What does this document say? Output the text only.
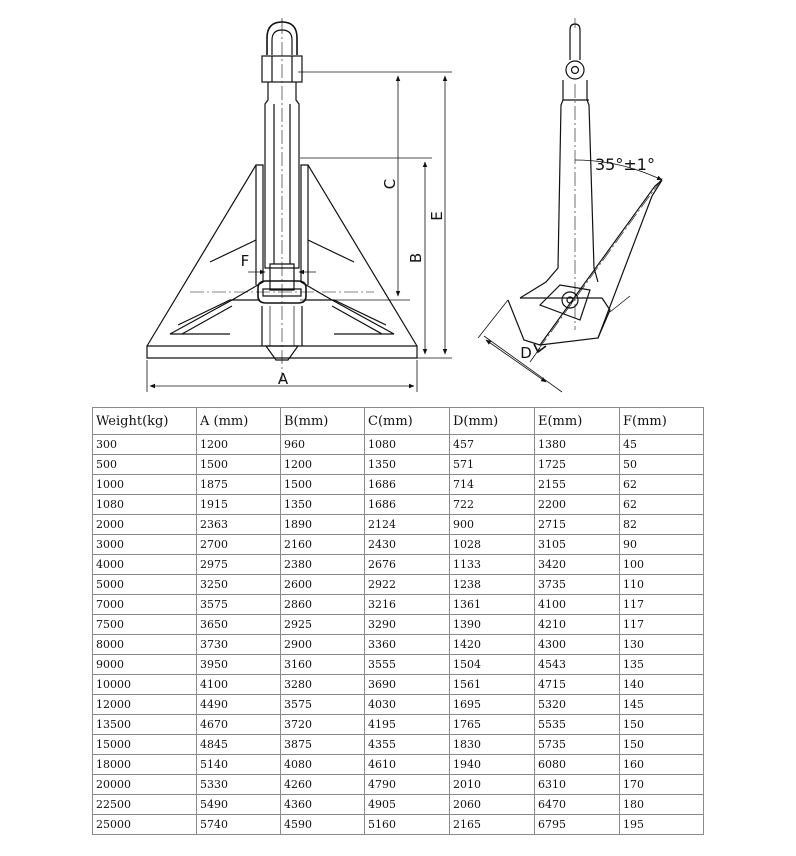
A
B
C
E
F
35°±1°
D
Weight(kg)	A (mm)	B(mm)	C(mm)	D(mm)	E(mm)	F(mm)
300	1200	960	1080	457	1380	45
500	1500	1200	1350	571	1725	50
1000	1875	1500	1686	714	2155	62
1080	1915	1350	1686	722	2200	62
2000	2363	1890	2124	900	2715	82
3000	2700	2160	2430	1028	3105	90
4000	2975	2380	2676	1133	3420	100
5000	3250	2600	2922	1238	3735	110
7000	3575	2860	3216	1361	4100	117
7500	3650	2925	3290	1390	4210	117
8000	3730	2900	3360	1420	4300	130
9000	3950	3160	3555	1504	4543	135
10000	4100	3280	3690	1561	4715	140
12000	4490	3575	4030	1695	5320	145
13500	4670	3720	4195	1765	5535	150
15000	4845	3875	4355	1830	5735	150
18000	5140	4080	4610	1940	6080	160
20000	5330	4260	4790	2010	6310	170
22500	5490	4360	4905	2060	6470	180
25000	5740	4590	5160	2165	6795	195
